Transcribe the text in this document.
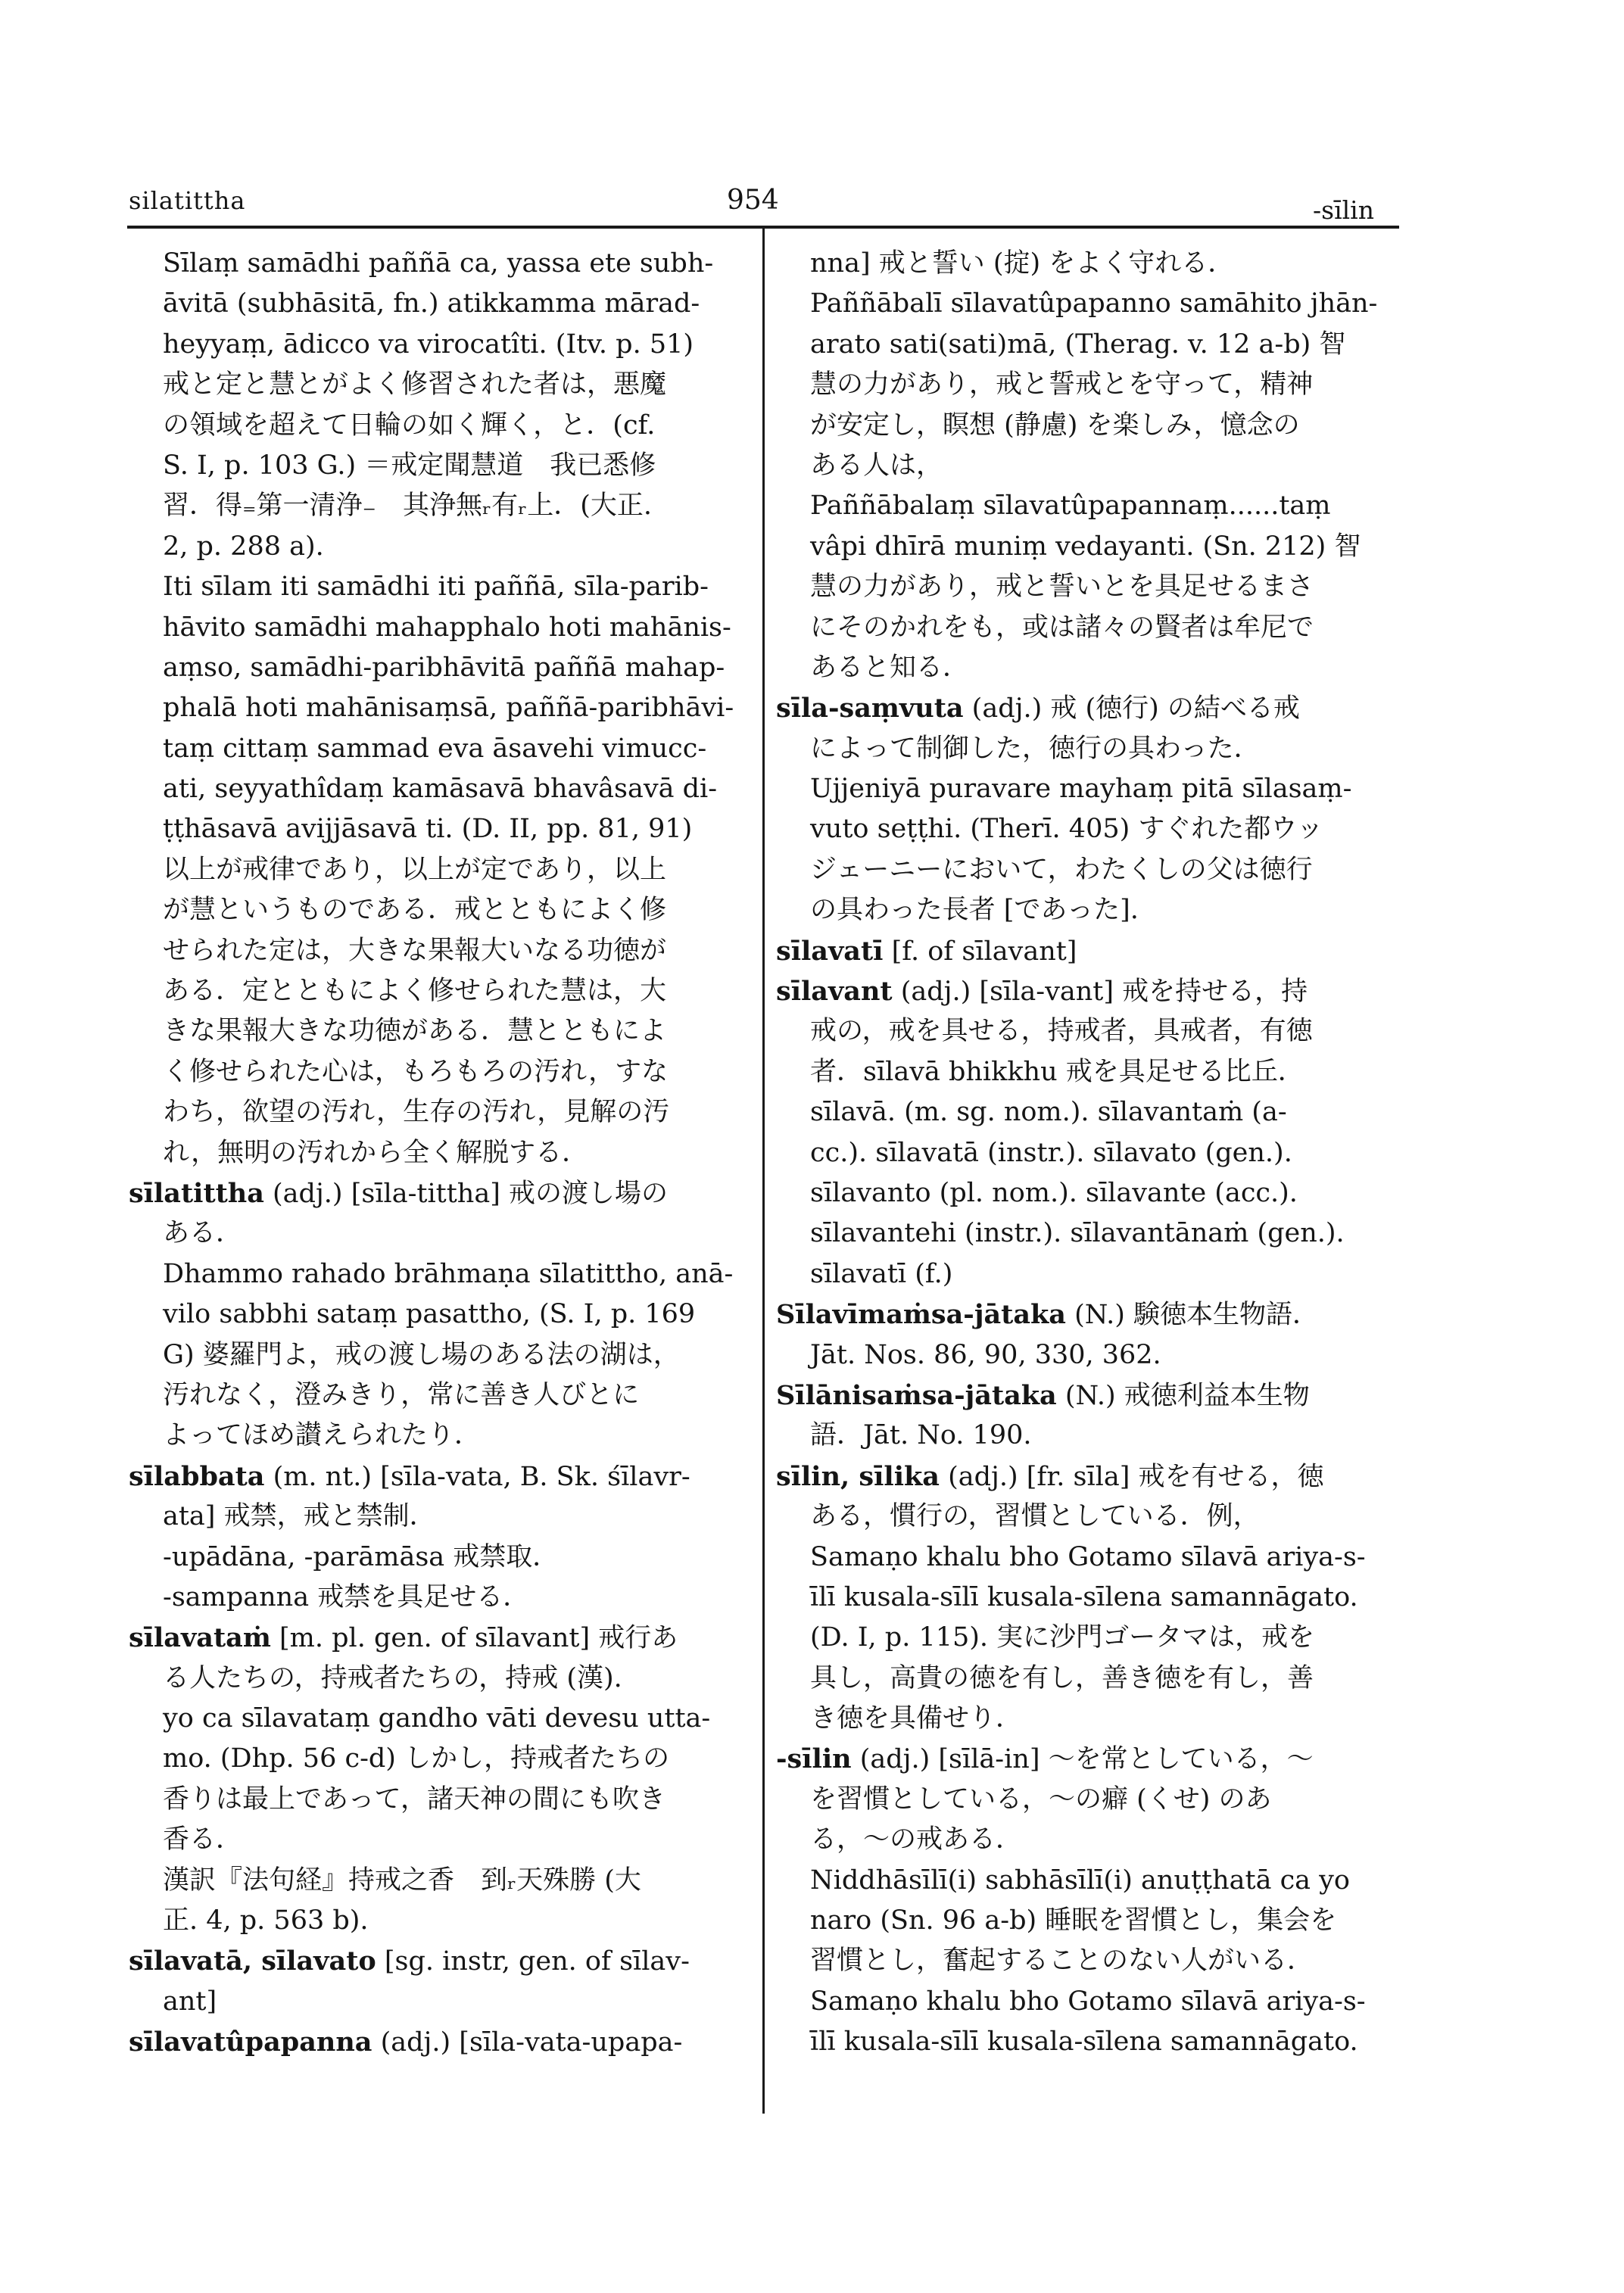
silatittha	954	-sīlin
Sīlaṃ samādhi paññā ca, yassa ete subh-
āvitā (subhāsitā, fn.) atikkamma mārad-
heyyaṃ, ādicco va virocatîti. (Itv. p. 51)
戒と定と慧とがよく修習された者は，悪魔
の領域を超えて日輪の如く輝く，と．(cf.
S. I, p. 103 G.) ＝戒定聞慧道　我已悉修
習．得₌第一清浄₋　其浄無ᵣ有ᵣ上．(大正.
2, p. 288 a).
Iti sīlam iti samādhi iti paññā, sīla-parib-
hāvito samādhi mahapphalo hoti mahānis-
aṃso, samādhi-paribhāvitā paññā mahap-
phalā hoti mahānisaṃsā, paññā-paribhāvi-
taṃ cittaṃ sammad eva āsavehi vimucc-
ati, seyyathîdaṃ kamāsavā bhavâsavā di-
ṭṭhāsavā avijjāsavā ti. (D. II, pp. 81, 91)
以上が戒律であり，以上が定であり，以上
が慧というものである．戒とともによく修
せられた定は，大きな果報大いなる功徳が
ある．定とともによく修せられた慧は，大
きな果報大きな功徳がある．慧とともによ
く修せられた心は，もろもろの汚れ，すな
わち，欲望の汚れ，生存の汚れ，見解の汚
れ，無明の汚れから全く解脱する．
sīlatittha (adj.) [sīla-tittha] 戒の渡し場の
ある．
Dhammo rahado brāhmaṇa sīlatittho, anā-
vilo sabbhi sataṃ pasattho, (S. I, p. 169
G) 婆羅門よ，戒の渡し場のある法の湖は，
汚れなく，澄みきり，常に善き人びとに
よってほめ讃えられたり．
sīlabbata (m. nt.) [sīla-vata, B. Sk. śīlavr-
ata] 戒禁，戒と禁制．
-upādāna, -parāmāsa 戒禁取．
-sampanna 戒禁を具足せる．
sīlavataṁ [m. pl. gen. of sīlavant] 戒行あ
る人たちの，持戒者たちの，持戒 (漢).
yo ca sīlavataṃ gandho vāti devesu utta-
mo. (Dhp. 56 c-d) しかし，持戒者たちの
香りは最上であって，諸天神の間にも吹き
香る．
漢訳『法句経』持戒之香　到ᵣ天殊勝 (大
正. 4, p. 563 b).
sīlavatā, sīlavato [sg. instr, gen. of sīlav-
ant]
sīlavatûpapanna (adj.) [sīla-vata-upapa-
nna] 戒と誓い (掟) をよく守れる．
Paññābalī sīlavatûpapanno samāhito jhān-
arato sati(sati)mā, (Therag. v. 12 a-b) 智
慧の力があり，戒と誓戒とを守って，精神
が安定し，瞑想 (静慮) を楽しみ，憶念の
ある人は，
Paññābalaṃ sīlavatûpapannaṃ......taṃ
vâpi dhīrā muniṃ vedayanti. (Sn. 212) 智
慧の力があり，戒と誓いとを具足せるまさ
にそのかれをも，或は諸々の賢者は牟尼で
あると知る．
sīla-saṃvuta (adj.) 戒 (徳行) の結べる戒
によって制御した，徳行の具わった．
Ujjeniyā puravare mayhaṃ pitā sīlasaṃ-
vuto seṭṭhi. (Therī. 405) すぐれた都ウッ
ジェーニーにおいて，わたくしの父は徳行
の具わった長者 [であった].
sīlavatī [f. of sīlavant]
sīlavant (adj.) [sīla-vant] 戒を持せる，持
戒の，戒を具せる，持戒者，具戒者，有徳
者．sīlavā bhikkhu 戒を具足せる比丘．
sīlavā. (m. sg. nom.). sīlavantaṁ (a-
cc.). sīlavatā (instr.). sīlavato (gen.).
sīlavanto (pl. nom.). sīlavante (acc.).
sīlavantehi (instr.). sīlavantānaṁ (gen.).
sīlavatī (f.)
Sīlavīmaṁsa-jātaka (N.) 験徳本生物語．
Jāt. Nos. 86, 90, 330, 362.
Sīlānisaṁsa-jātaka (N.) 戒徳利益本生物
語．Jāt. No. 190.
sīlin, sīlika (adj.) [fr. sīla] 戒を有せる，徳
ある，慣行の，習慣としている．例，
Samaṇo khalu bho Gotamo sīlavā ariya-s-
īlī kusala-sīlī kusala-sīlena samannāgato.
(D. I, p. 115). 実に沙門ゴータマは，戒を
具し，高貴の徳を有し，善き徳を有し，善
き徳を具備せり．
-sīlin (adj.) [sīlā-in] ～を常としている，～
を習慣としている，～の癖 (くせ) のあ
る，～の戒ある．
Niddhāsīlī(i) sabhāsīlī(i) anuṭṭhatā ca yo
naro (Sn. 96 a-b) 睡眠を習慣とし，集会を
習慣とし，奮起することのない人がいる．
Samaṇo khalu bho Gotamo sīlavā ariya-s-
īlī kusala-sīlī kusala-sīlena samannāgato.
